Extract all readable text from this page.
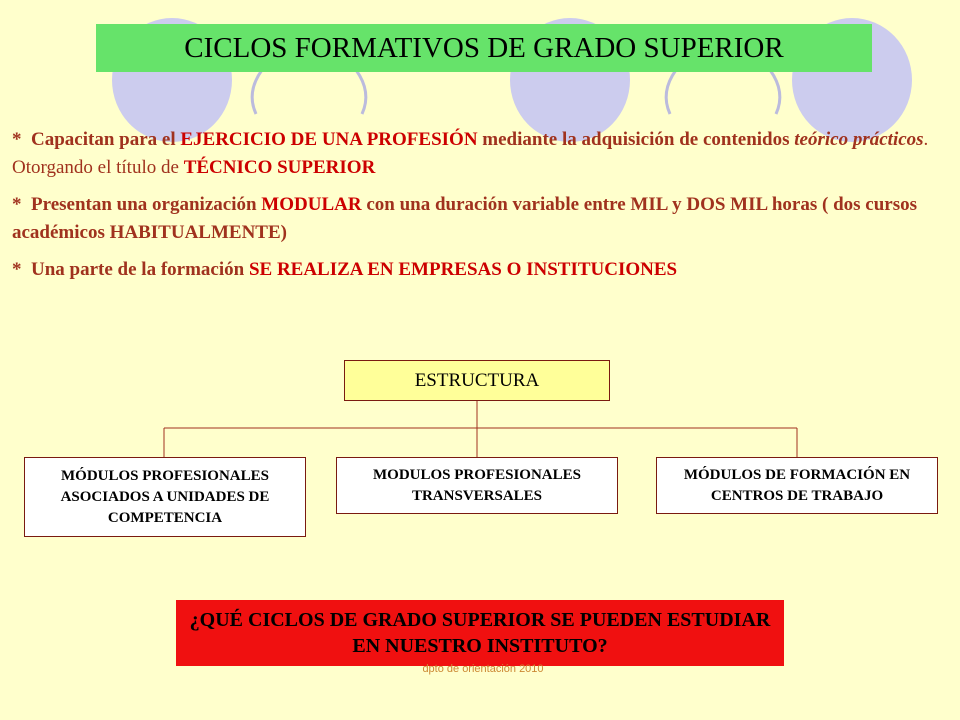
CICLOS FORMATIVOS DE GRADO SUPERIOR

* Capacitan para el EJERCICIO DE UNA PROFESIÓN mediante la adquisición de contenidos teórico prácticos. Otorgando el título de TÉCNICO SUPERIOR

* Presentan una organización MODULAR con una duración variable entre MIL y DOS MIL horas ( dos cursos académicos HABITUALMENTE)

* Una parte de la formación SE REALIZA EN EMPRESAS O INSTITUCIONES

ESTRUCTURA
MÓDULOS PROFESIONALES ASOCIADOS A UNIDADES DE COMPETENCIA
MODULOS PROFESIONALES TRANSVERSALES
MÓDULOS DE FORMACIÓN EN CENTROS DE TRABAJO
¿QUÉ CICLOS DE GRADO SUPERIOR SE PUEDEN ESTUDIAR EN NUESTRO INSTITUTO?
dpto de orientación 2010
